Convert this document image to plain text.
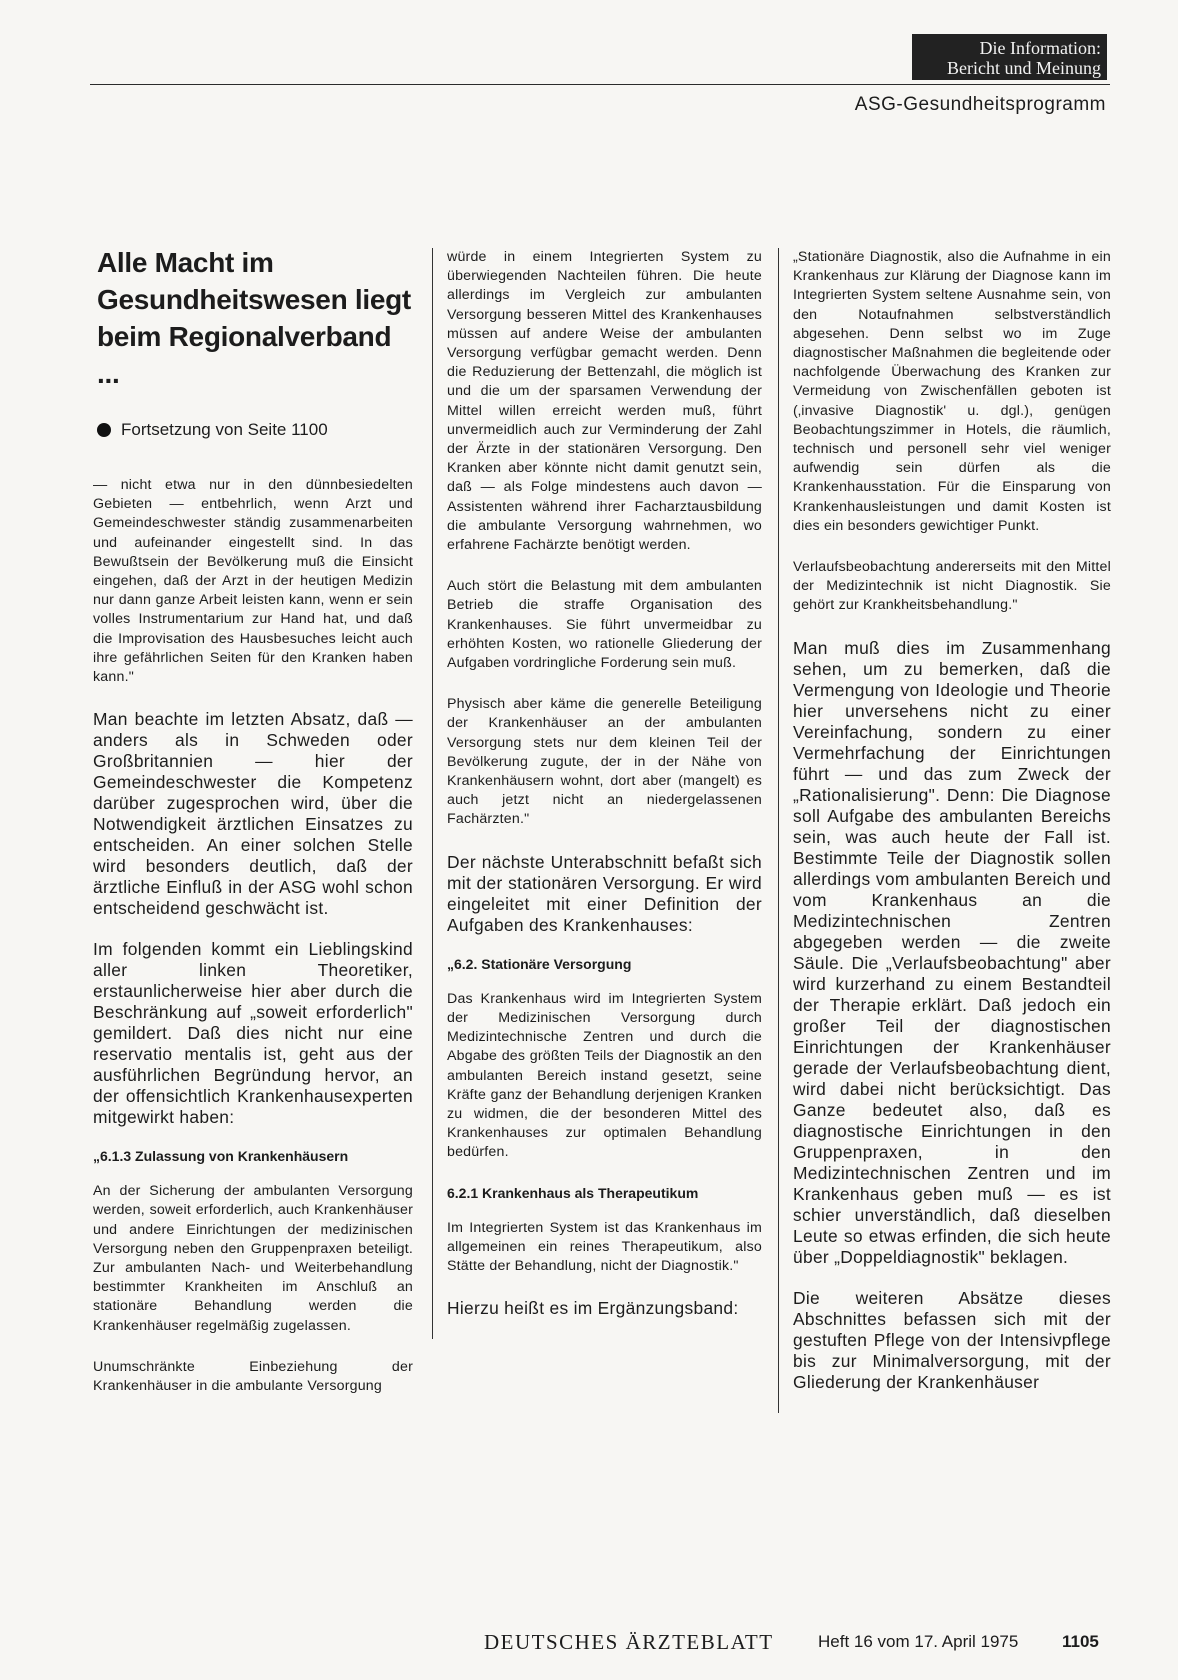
Die Information:
Bericht und Meinung
ASG-Gesundheitsprogramm
Alle Macht im Gesundheitswesen liegt beim Regionalverband ...
Fortsetzung von Seite 1100

— nicht etwa nur in den dünnbesiedelten Gebieten — entbehrlich, wenn Arzt und Gemeindeschwester ständig zusammenarbeiten und aufeinander eingestellt sind. In das Bewußtsein der Bevölkerung muß die Einsicht eingehen, daß der Arzt in der heutigen Medizin nur dann ganze Arbeit leisten kann, wenn er sein volles Instrumentarium zur Hand hat, und daß die Improvisation des Hausbesuches leicht auch ihre gefährlichen Seiten für den Kranken haben kann."

Man beachte im letzten Absatz, daß — anders als in Schweden oder Großbritannien — hier der Gemeindeschwester die Kompetenz darüber zugesprochen wird, über die Notwendigkeit ärztlichen Einsatzes zu entscheiden. An einer solchen Stelle wird besonders deutlich, daß der ärztliche Einfluß in der ASG wohl schon entscheidend geschwächt ist.

Im folgenden kommt ein Lieblingskind aller linken Theoretiker, erstaunlicherweise hier aber durch die Beschränkung auf „soweit erforderlich" gemildert. Daß dies nicht nur eine reservatio mentalis ist, geht aus der ausführlichen Begründung hervor, an der offensichtlich Krankenhausexperten mitgewirkt haben:

„6.1.3 Zulassung von Krankenhäusern

An der Sicherung der ambulanten Versorgung werden, soweit erforderlich, auch Krankenhäuser und andere Einrichtungen der medizinischen Versorgung neben den Gruppenpraxen beteiligt. Zur ambulanten Nach- und Weiterbehandlung bestimmter Krankheiten im Anschluß an stationäre Behandlung werden die Krankenhäuser regelmäßig zugelassen.

Unumschränkte Einbeziehung der Krankenhäuser in die ambulante Versorgung

würde in einem Integrierten System zu überwiegenden Nachteilen führen. Die heute allerdings im Vergleich zur ambulanten Versorgung besseren Mittel des Krankenhauses müssen auf andere Weise der ambulanten Versorgung verfügbar gemacht werden. Denn die Reduzierung der Bettenzahl, die möglich ist und die um der sparsamen Verwendung der Mittel willen erreicht werden muß, führt unvermeidlich auch zur Verminderung der Zahl der Ärzte in der stationären Versorgung. Den Kranken aber könnte nicht damit genutzt sein, daß — als Folge mindestens auch davon — Assistenten während ihrer Facharztausbildung die ambulante Versorgung wahrnehmen, wo erfahrene Fachärzte benötigt werden.

Auch stört die Belastung mit dem ambulanten Betrieb die straffe Organisation des Krankenhauses. Sie führt unvermeidbar zu erhöhten Kosten, wo rationelle Gliederung der Aufgaben vordringliche Forderung sein muß.

Physisch aber käme die generelle Beteiligung der Krankenhäuser an der ambulanten Versorgung stets nur dem kleinen Teil der Bevölkerung zugute, der in der Nähe von Krankenhäusern wohnt, dort aber (mangelt) es auch jetzt nicht an niedergelassenen Fachärzten."

Der nächste Unterabschnitt befaßt sich mit der stationären Versorgung. Er wird eingeleitet mit einer Definition der Aufgaben des Krankenhauses:

„6.2. Stationäre Versorgung

Das Krankenhaus wird im Integrierten System der Medizinischen Versorgung durch Medizintechnische Zentren und durch die Abgabe des größten Teils der Diagnostik an den ambulanten Bereich instand gesetzt, seine Kräfte ganz der Behandlung derjenigen Kranken zu widmen, die der besonderen Mittel des Krankenhauses zur optimalen Behandlung bedürfen.

6.2.1 Krankenhaus als Therapeutikum

Im Integrierten System ist das Krankenhaus im allgemeinen ein reines Therapeutikum, also Stätte der Behandlung, nicht der Diagnostik."

Hierzu heißt es im Ergänzungsband:

„Stationäre Diagnostik, also die Aufnahme in ein Krankenhaus zur Klärung der Diagnose kann im Integrierten System seltene Ausnahme sein, von den Notaufnahmen selbstverständlich abgesehen. Denn selbst wo im Zuge diagnostischer Maßnahmen die begleitende oder nachfolgende Überwachung des Kranken zur Vermeidung von Zwischenfällen geboten ist (‚invasive Diagnostik' u. dgl.), genügen Beobachtungszimmer in Hotels, die räumlich, technisch und personell sehr viel weniger aufwendig sein dürfen als die Krankenhausstation. Für die Einsparung von Krankenhausleistungen und damit Kosten ist dies ein besonders gewichtiger Punkt.

Verlaufsbeobachtung andererseits mit den Mittel der Medizintechnik ist nicht Diagnostik. Sie gehört zur Krankheitsbehandlung."

Man muß dies im Zusammenhang sehen, um zu bemerken, daß die Vermengung von Ideologie und Theorie hier unversehens nicht zu einer Vereinfachung, sondern zu einer Vermehrfachung der Einrichtungen führt — und das zum Zweck der „Rationalisierung". Denn: Die Diagnose soll Aufgabe des ambulanten Bereichs sein, was auch heute der Fall ist. Bestimmte Teile der Diagnostik sollen allerdings vom ambulanten Bereich und vom Krankenhaus an die Medizintechnischen Zentren abgegeben werden — die zweite Säule. Die „Verlaufsbeobachtung" aber wird kurzerhand zu einem Bestandteil der Therapie erklärt. Daß jedoch ein großer Teil der diagnostischen Einrichtungen der Krankenhäuser gerade der Verlaufsbeobachtung dient, wird dabei nicht berücksichtigt. Das Ganze bedeutet also, daß es diagnostische Einrichtungen in den Gruppenpraxen, in den Medizintechnischen Zentren und im Krankenhaus geben muß — es ist schier unverständlich, daß dieselben Leute so etwas erfinden, die sich heute über „Doppeldiagnostik" beklagen.

Die weiteren Absätze dieses Abschnittes befassen sich mit der gestuften Pflege von der Intensivpflege bis zur Minimalversorgung, mit der Gliederung der Krankenhäuser

DEUTSCHES ÄRZTEBLATT	Heft 16 vom 17. April 1975	1105
